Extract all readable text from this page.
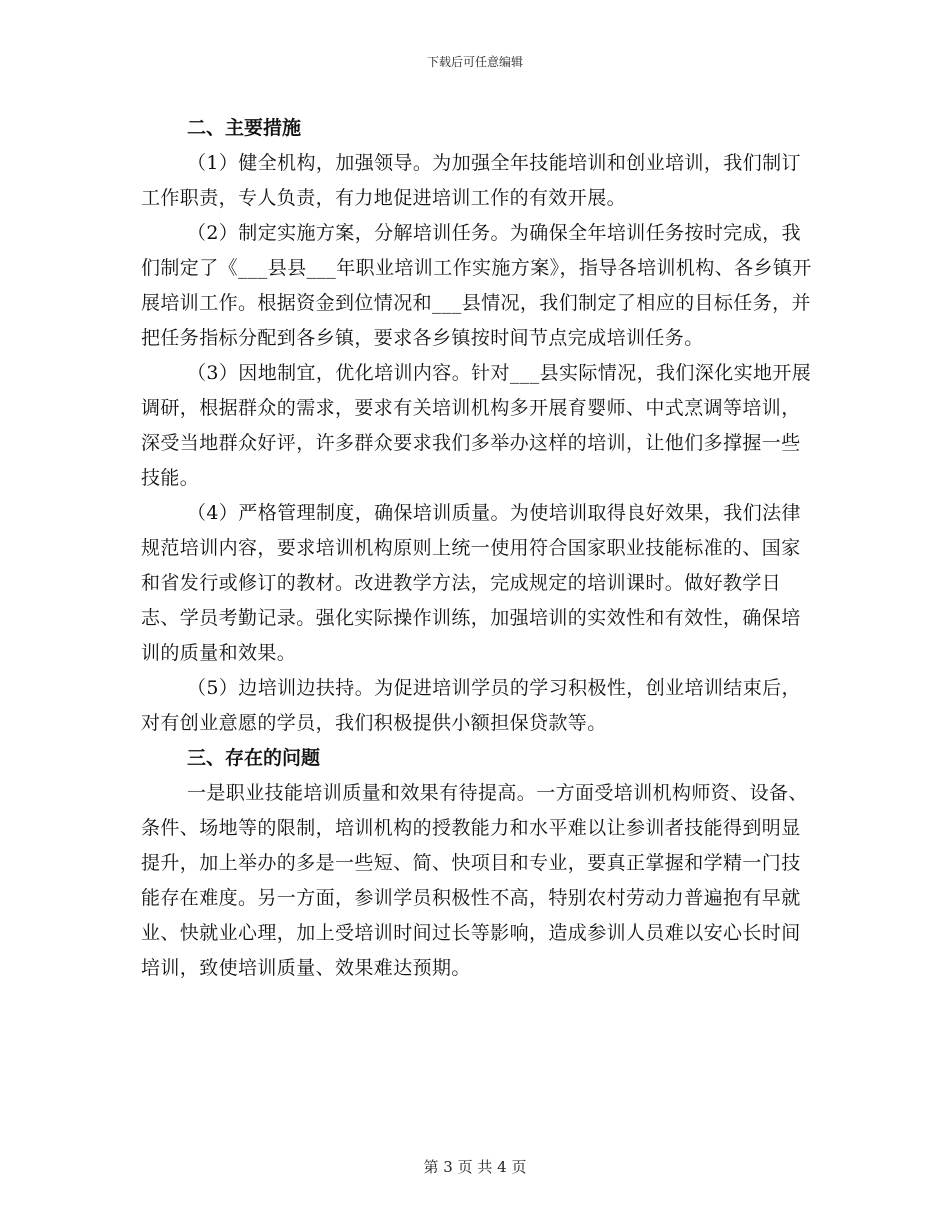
下载后可任意编辑

二、主要措施

（1）健全机构，加强领导。为加强全年技能培训和创业培训，我们制订工作职责，专人负责，有力地促进培训工作的有效开展。

（2）制定实施方案，分解培训任务。为确保全年培训任务按时完成，我们制定了《___县县___年职业培训工作实施方案》，指导各培训机构、各乡镇开展培训工作。根据资金到位情况和___县情况，我们制定了相应的目标任务，并把任务指标分配到各乡镇，要求各乡镇按时间节点完成培训任务。

（3）因地制宜，优化培训内容。针对___县实际情况，我们深化实地开展调研，根据群众的需求，要求有关培训机构多开展育婴师、中式烹调等培训，深受当地群众好评，许多群众要求我们多举办这样的培训，让他们多撑握一些技能。

（4）严格管理制度，确保培训质量。为使培训取得良好效果，我们法律规范培训内容，要求培训机构原则上统一使用符合国家职业技能标准的、国家和省发行或修订的教材。改进教学方法，完成规定的培训课时。做好教学日志、学员考勤记录。强化实际操作训练，加强培训的实效性和有效性，确保培训的质量和效果。

（5）边培训边扶持。为促进培训学员的学习积极性，创业培训结束后，对有创业意愿的学员，我们积极提供小额担保贷款等。

三、存在的问题

一是职业技能培训质量和效果有待提高。一方面受培训机构师资、设备、条件、场地等的限制，培训机构的授教能力和水平难以让参训者技能得到明显提升，加上举办的多是一些短、简、快项目和专业，要真正掌握和学精一门技能存在难度。另一方面，参训学员积极性不高，特别农村劳动力普遍抱有早就业、快就业心理，加上受培训时间过长等影响，造成参训人员难以安心长时间培训，致使培训质量、效果难达预期。

第 3 页 共 4 页
